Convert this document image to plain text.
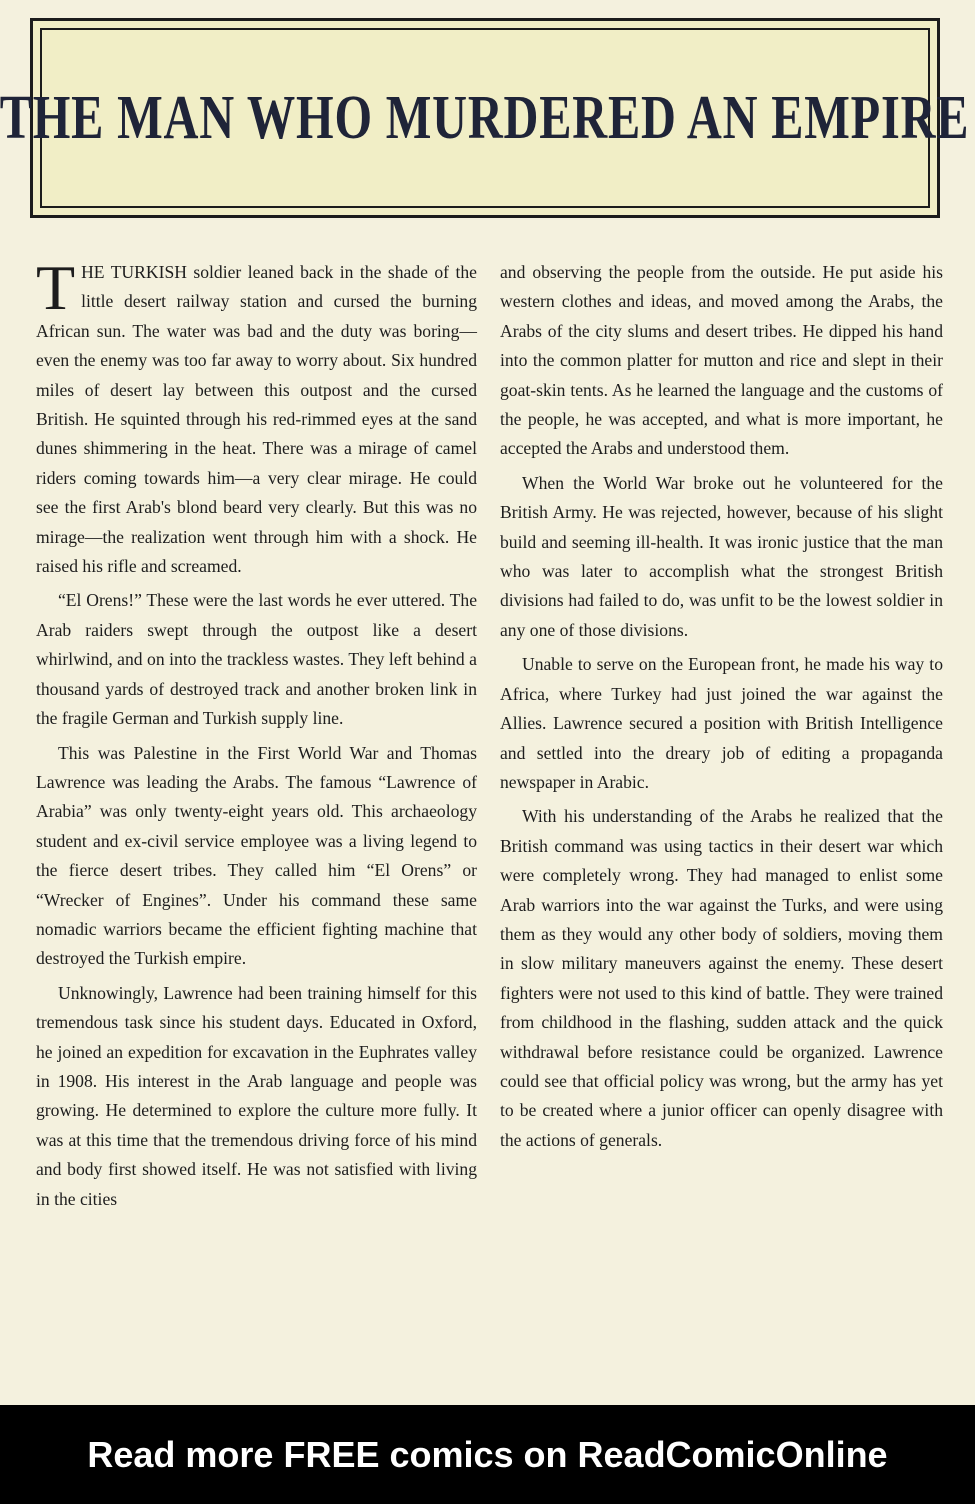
THE MAN WHO MURDERED AN EMPIRE

THE TURKISH soldier leaned back in the shade of the little desert railway station and cursed the burning African sun. The water was bad and the duty was boring—even the enemy was too far away to worry about. Six hundred miles of desert lay between this outpost and the cursed British. He squinted through his red-rimmed eyes at the sand dunes shimmering in the heat. There was a mirage of camel riders coming towards him—a very clear mirage. He could see the first Arab's blond beard very clearly. But this was no mirage—the realization went through him with a shock. He raised his rifle and screamed.

“El Orens!” These were the last words he ever uttered. The Arab raiders swept through the outpost like a desert whirlwind, and on into the trackless wastes. They left behind a thousand yards of destroyed track and another broken link in the fragile German and Turkish supply line.

This was Palestine in the First World War and Thomas Lawrence was leading the Arabs. The famous “Lawrence of Arabia” was only twenty-eight years old. This archaeology student and ex-civil service employee was a living legend to the fierce desert tribes. They called him “El Orens” or “Wrecker of Engines”. Under his command these same nomadic warriors became the efficient fighting machine that destroyed the Turkish empire.

Unknowingly, Lawrence had been training himself for this tremendous task since his student days. Educated in Oxford, he joined an expedition for excavation in the Euphrates valley in 1908. His interest in the Arab language and people was growing. He determined to explore the culture more fully. It was at this time that the tremendous driving force of his mind and body first showed itself. He was not satisfied with living in the cities

and observing the people from the outside. He put aside his western clothes and ideas, and moved among the Arabs, the Arabs of the city slums and desert tribes. He dipped his hand into the common platter for mutton and rice and slept in their goat-skin tents. As he learned the language and the customs of the people, he was accepted, and what is more important, he accepted the Arabs and understood them.

When the World War broke out he volunteered for the British Army. He was rejected, however, because of his slight build and seeming ill-health. It was ironic justice that the man who was later to accomplish what the strongest British divisions had failed to do, was unfit to be the lowest soldier in any one of those divisions.

Unable to serve on the European front, he made his way to Africa, where Turkey had just joined the war against the Allies. Lawrence secured a position with British Intelligence and settled into the dreary job of editing a propaganda newspaper in Arabic.

With his understanding of the Arabs he realized that the British command was using tactics in their desert war which were completely wrong. They had managed to enlist some Arab warriors into the war against the Turks, and were using them as they would any other body of soldiers, moving them in slow military maneuvers against the enemy. These desert fighters were not used to this kind of battle. They were trained from childhood in the flashing, sudden attack and the quick withdrawal before resistance could be organized. Lawrence could see that official policy was wrong, but the army has yet to be created where a junior officer can openly disagree with the actions of generals.

Read more FREE comics on ReadComicOnline
